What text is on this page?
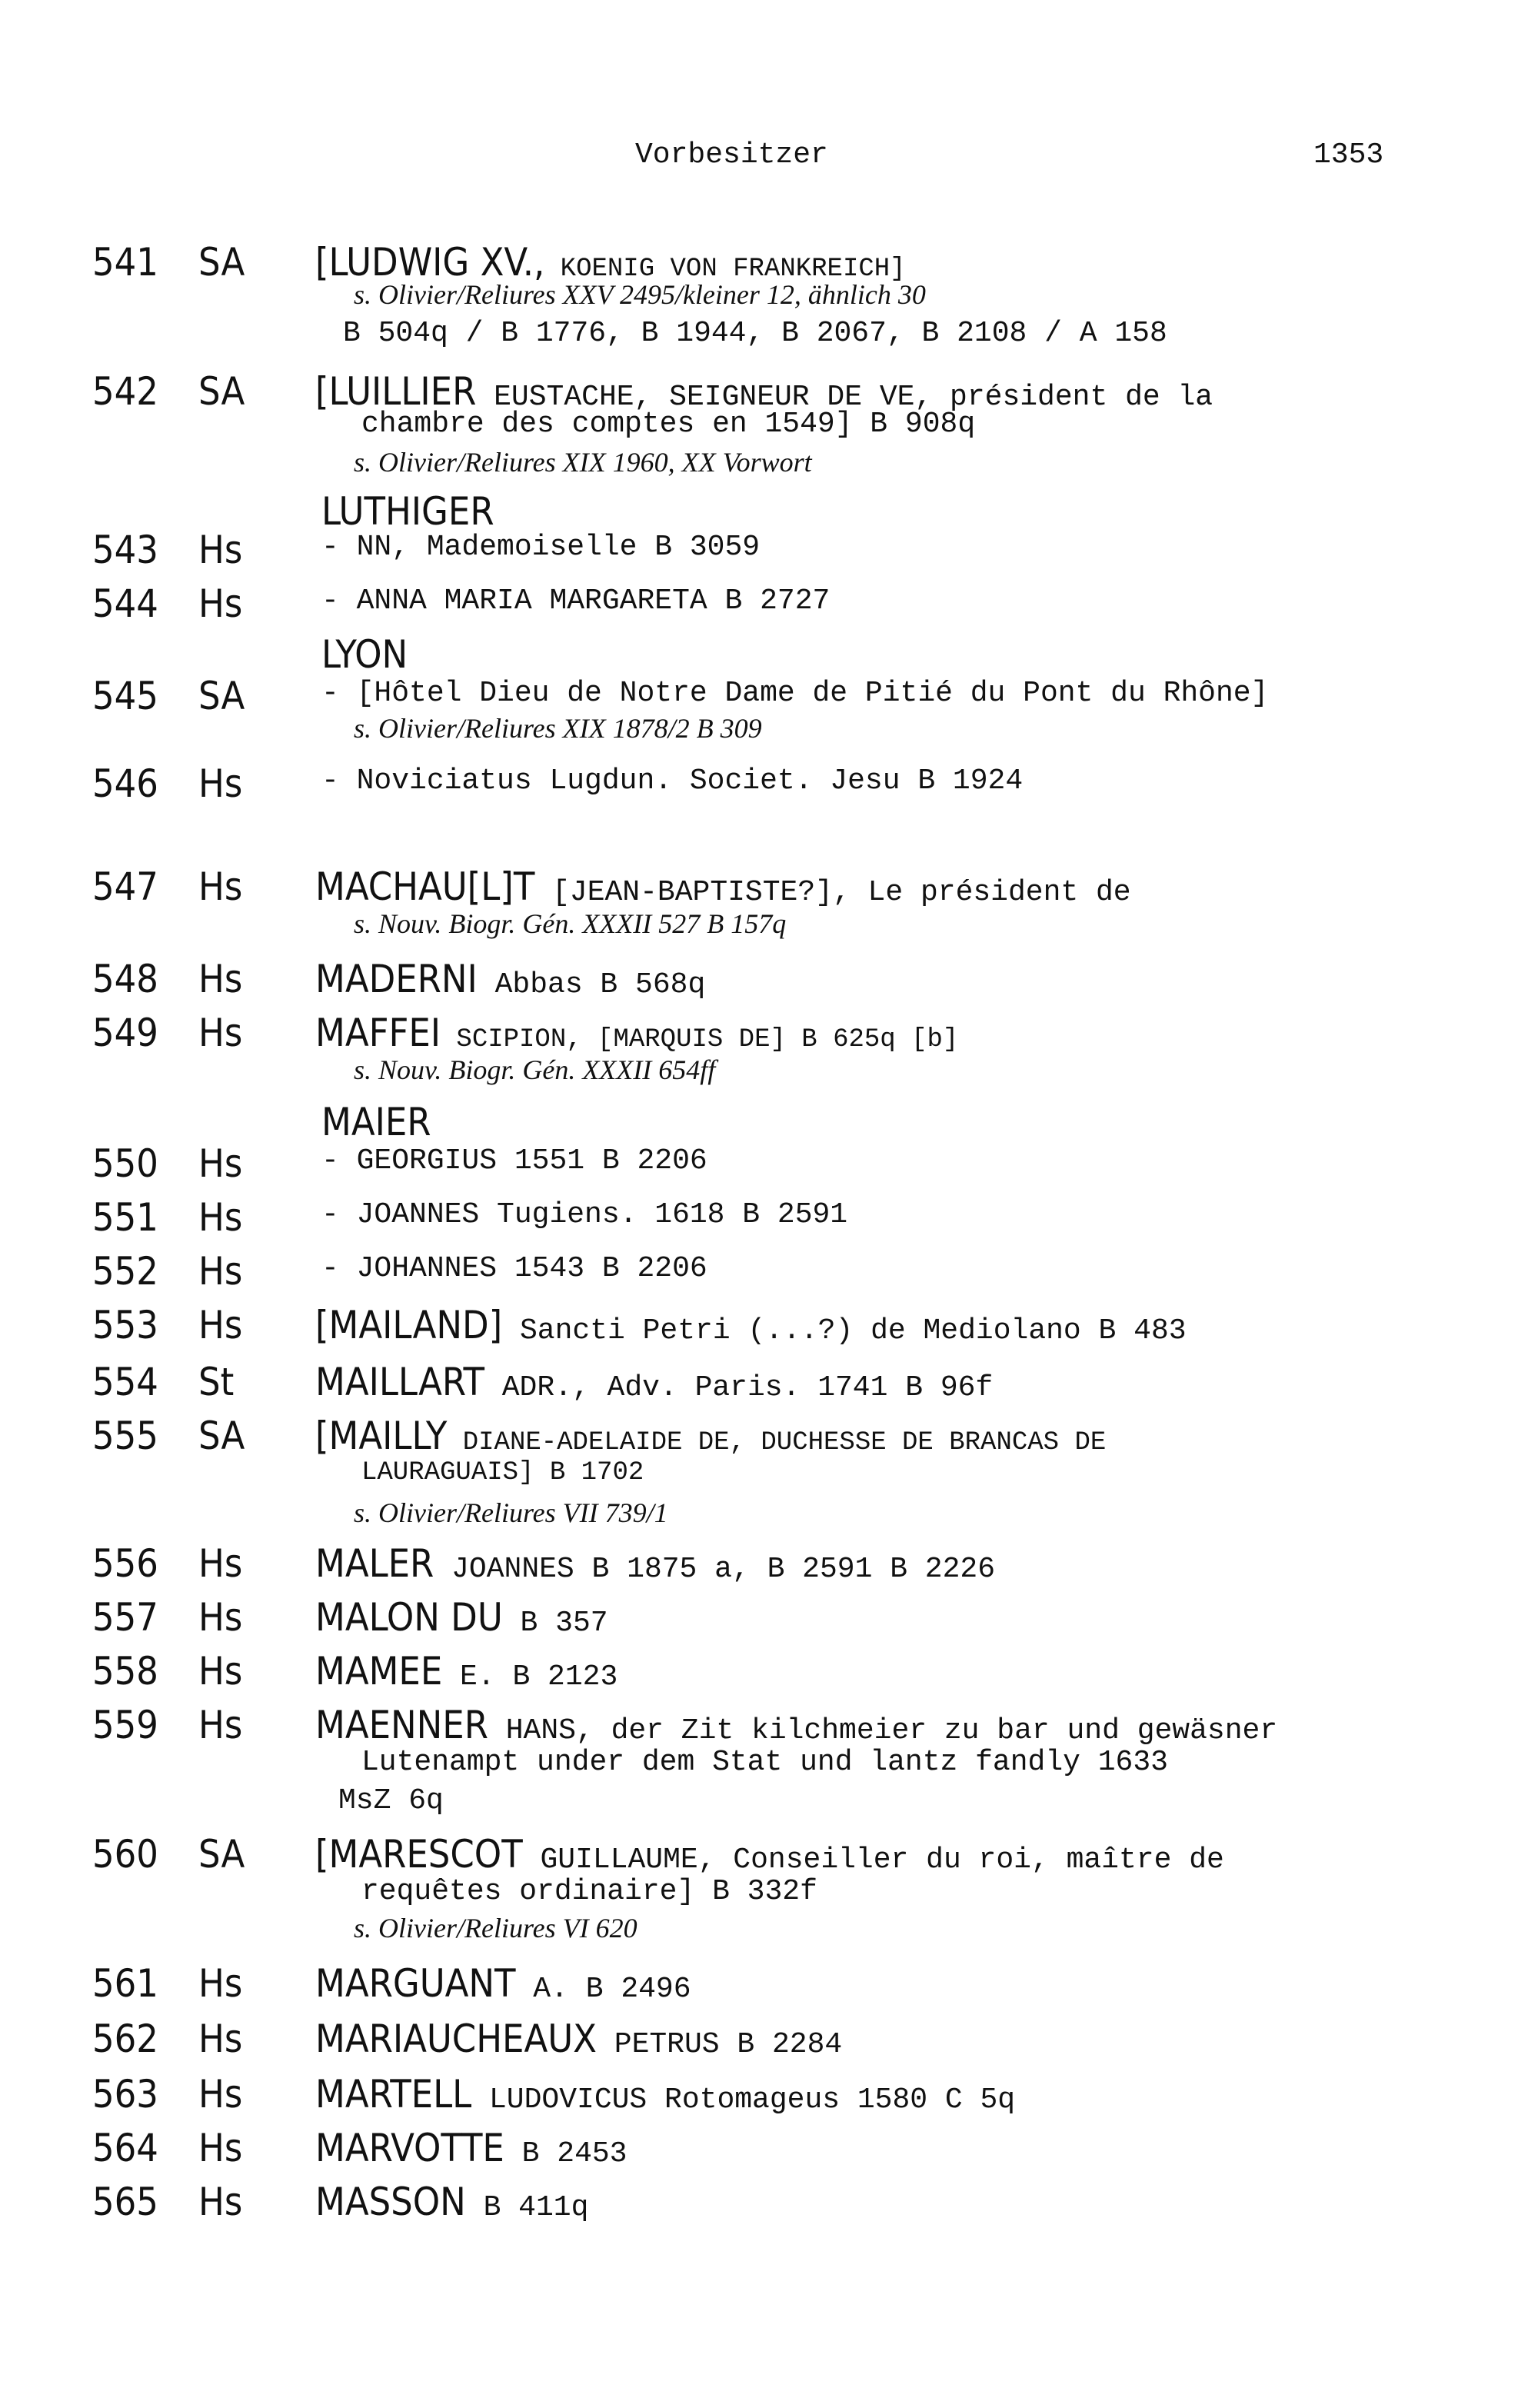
Vorbesitzer	1353
541 SA [LUDWIG XV., KOENIG VON FRANKREICH]
s. Olivier/Reliures XXV 2495/kleiner 12, ähnlich 30
B 504q / B 1776, B 1944, B 2067, B 2108 / A 158
542 SA [LUILLIER EUSTACHE, SEIGNEUR DE VE, président de la
chambre des comptes en 1549] B 908q
s. Olivier/Reliures XIX 1960, XX Vorwort
LUTHIGER
543 Hs	- NN, Mademoiselle B 3059
544 Hs	- ANNA MARIA MARGARETA B 2727
LYON
545 SA	- [Hôtel Dieu de Notre Dame de Pitié du Pont du Rhône]
s. Olivier/Reliures XIX 1878/2 B 309
546 Hs	- Noviciatus Lugdun. Societ. Jesu B 1924
547 Hs MACHAU[L]T [JEAN-BAPTISTE?], Le président de
s. Nouv. Biogr. Gén. XXXII 527 B 157q
548 Hs MADERNI Abbas B 568q
549 Hs MAFFEI SCIPION, [MARQUIS DE] B 625q [b]
s. Nouv. Biogr. Gén. XXXII 654ff
MAIER
550 Hs	- GEORGIUS 1551 B 2206
551 Hs	- JOANNES Tugiens. 1618 B 2591
552 Hs	- JOHANNES 1543 B 2206
553 Hs [MAILAND] Sancti Petri (...?) de Mediolano B 483
554 St MAILLART ADR., Adv. Paris. 1741 B 96f
555 SA [MAILLY DIANE-ADELAIDE DE, DUCHESSE DE BRANCAS DE
LAURAGUAIS] B 1702
s. Olivier/Reliures VII 739/1
556 Hs MALER JOANNES B 1875 a, B 2591 B 2226
557 Hs MALON DU B 357
558 Hs MAMEE E. B 2123
559 Hs MAENNER HANS, der Zit kilchmeier zu bar und gewäsner
Lutenampt under dem Stat und lantz fandly 1633
MsZ 6q
560 SA [MARESCOT GUILLAUME, Conseiller du roi, maître de
requêtes ordinaire] B 332f
s. Olivier/Reliures VI 620
561 Hs MARGUANT A. B 2496
562 Hs MARIAUCHEAUX PETRUS B 2284
563 Hs MARTELL LUDOVICUS Rotomageus 1580 C 5q
564 Hs MARVOTTE B 2453
565 Hs MASSON B 411q
